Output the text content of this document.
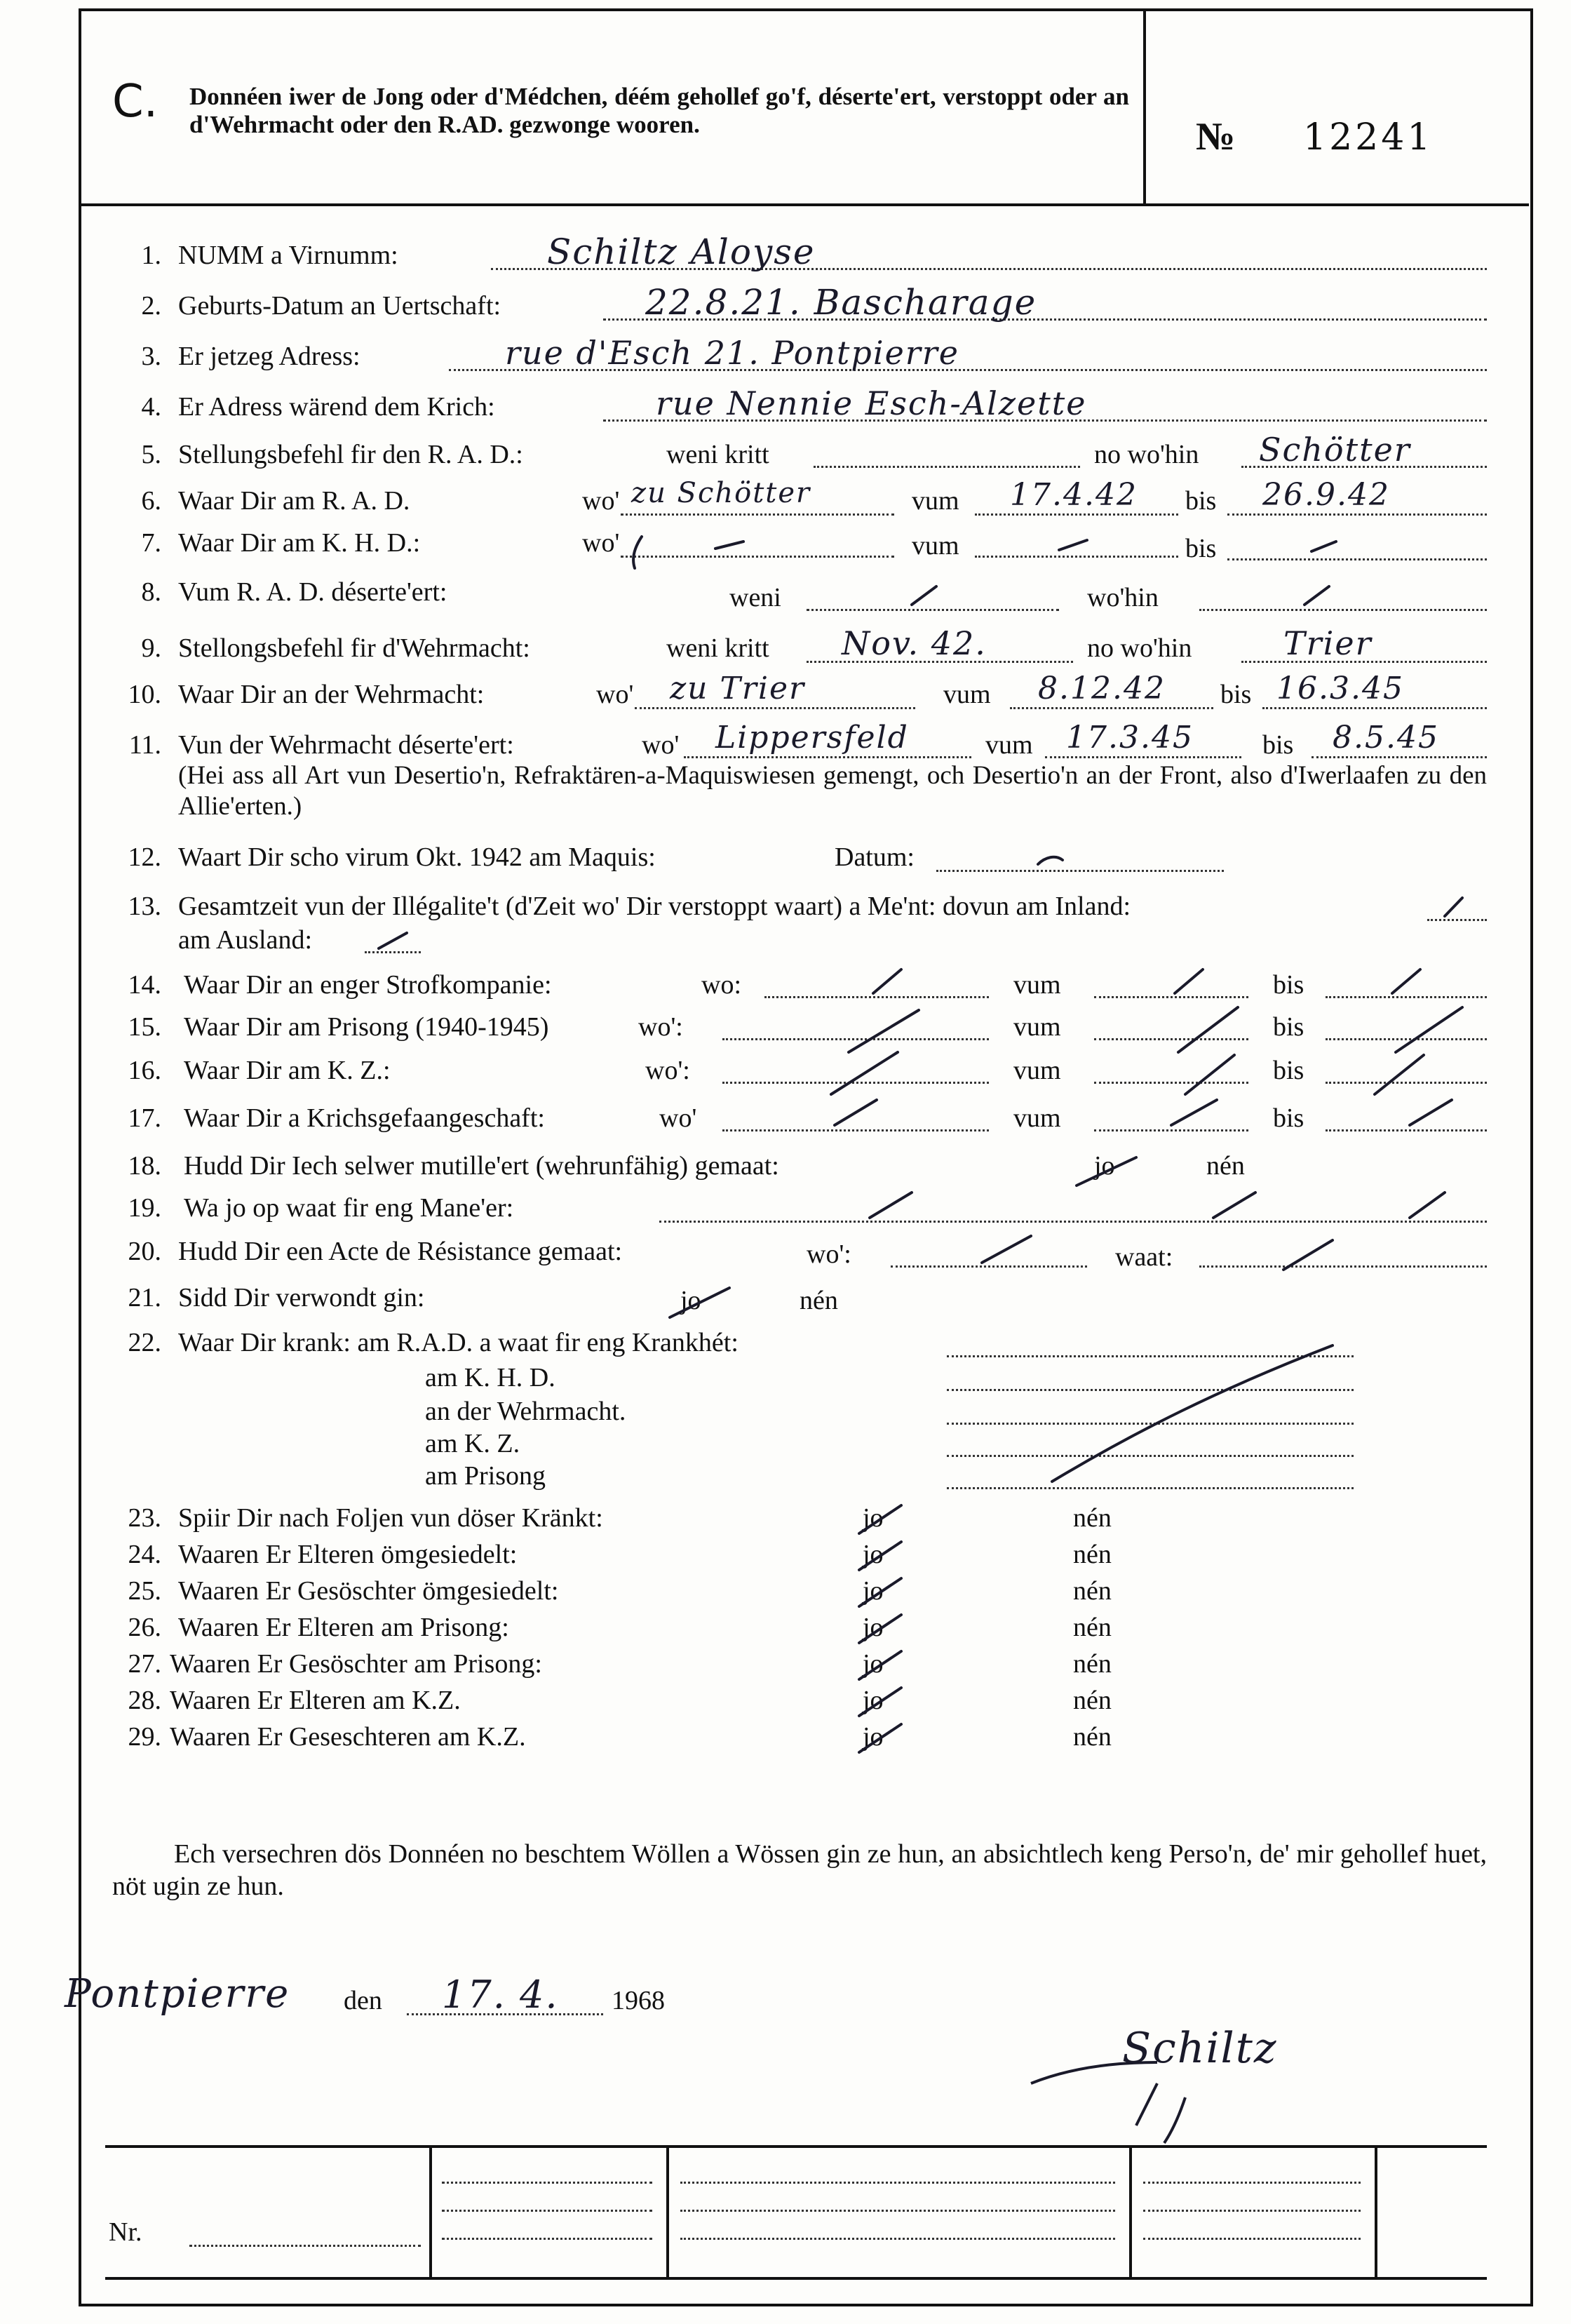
C. Donnéen iwer de Jong oder d'Médchen, déém gehollef go'f, déserte'ert, verstoppt oder an d'Wehrmacht oder den R.AD. gezwonge wooren.	№ 12241
1. NUMM a Virnumm:	Schiltz Aloyse
2. Geburts-Datum an Uertschaft:	22.8.21. Bascharage
3. Er jetzeg Adress:	rue d'Esch 21. Pontpierre
4. Er Adress wärend dem Krich:	rue Nennie Esch-Alzette
5. Stellungsbefehl fir den R. A. D.:	weni kritt	no wo'hin Schötter
6. Waar Dir am R. A. D.	wo' zu Schötter	vum 17.4.42 bis 26.9.42
7. Waar Dir am K. H. D.:	wo'	vum	bis
8. Vum R. A. D. déserte'ert:	weni	wo'hin
9. Stellongsbefehl fir d'Wehrmacht:	weni kritt Nov. 42.	no wo'hin	Trier
10. Waar Dir an der Wehrmacht:	wo' zu Trier	vum 8.12.42 bis 16.3.45
11. Vun der Wehrmacht déserte'ert:	wo' Lippersfeld	vum 17.3.45	bis 8.5.45
(Hei ass all Art vun Desertio'n, Refraktären-a-Maquiswiesen gemengt, och Desertio'n an der Front, also d'Iwerlaafen zu den Allie'erten.)
12. Waart Dir scho virum Okt. 1942 am Maquis:	Datum:
13. Gesamtzeit vun der Illégalite't (d'Zeit wo' Dir verstoppt waart) a Me'nt: dovun am Inland:
am Ausland:
14. Waar Dir an enger Strofkompanie:	wo:	vum	bis
15. Waar Dir am Prisong (1940-1945)	wo':	vum	bis
16. Waar Dir am K. Z.:	wo':	vum	bis
17. Waar Dir a Krichsgefaangeschaft:	wo'	vum	bis
18. Hudd Dir Iech selwer mutille'ert (wehrunfähig) gemaat:	jo	nén
19. Wa jo op waat fir eng Mane'er:
20. Hudd Dir een Acte de Résistance gemaat:	wo':	waat:
21. Sidd Dir verwondt gin:	jo	nén
22. Waar Dir krank: am R.A.D. a waat fir eng Krankhét:
am K. H. D.
an der Wehrmacht.
am K. Z.
am Prisong
23. Spiir Dir nach Foljen vun döser Kränkt:	jo	nén
24. Waaren Er Elteren ömgesiedelt:	jo	nén
25. Waaren Er Gesöschter ömgesiedelt:	jo	nén
26. Waaren Er Elteren am Prisong:	jo	nén
27. Waaren Er Gesöschter am Prisong:	jo	nén
28. Waaren Er Elteren am K.Z.	jo	nén
29. Waaren Er Geseschteren am K.Z.	jo	nén
Ech versechren dös Donnéen no beschtem Wöllen a Wössen gin ze hun, an absichtlech keng Perso'n, de' mir gehollef huet, nöt ugin ze hun.
Pontpierre den 17. 4. 1968
Schiltz
Nr.
